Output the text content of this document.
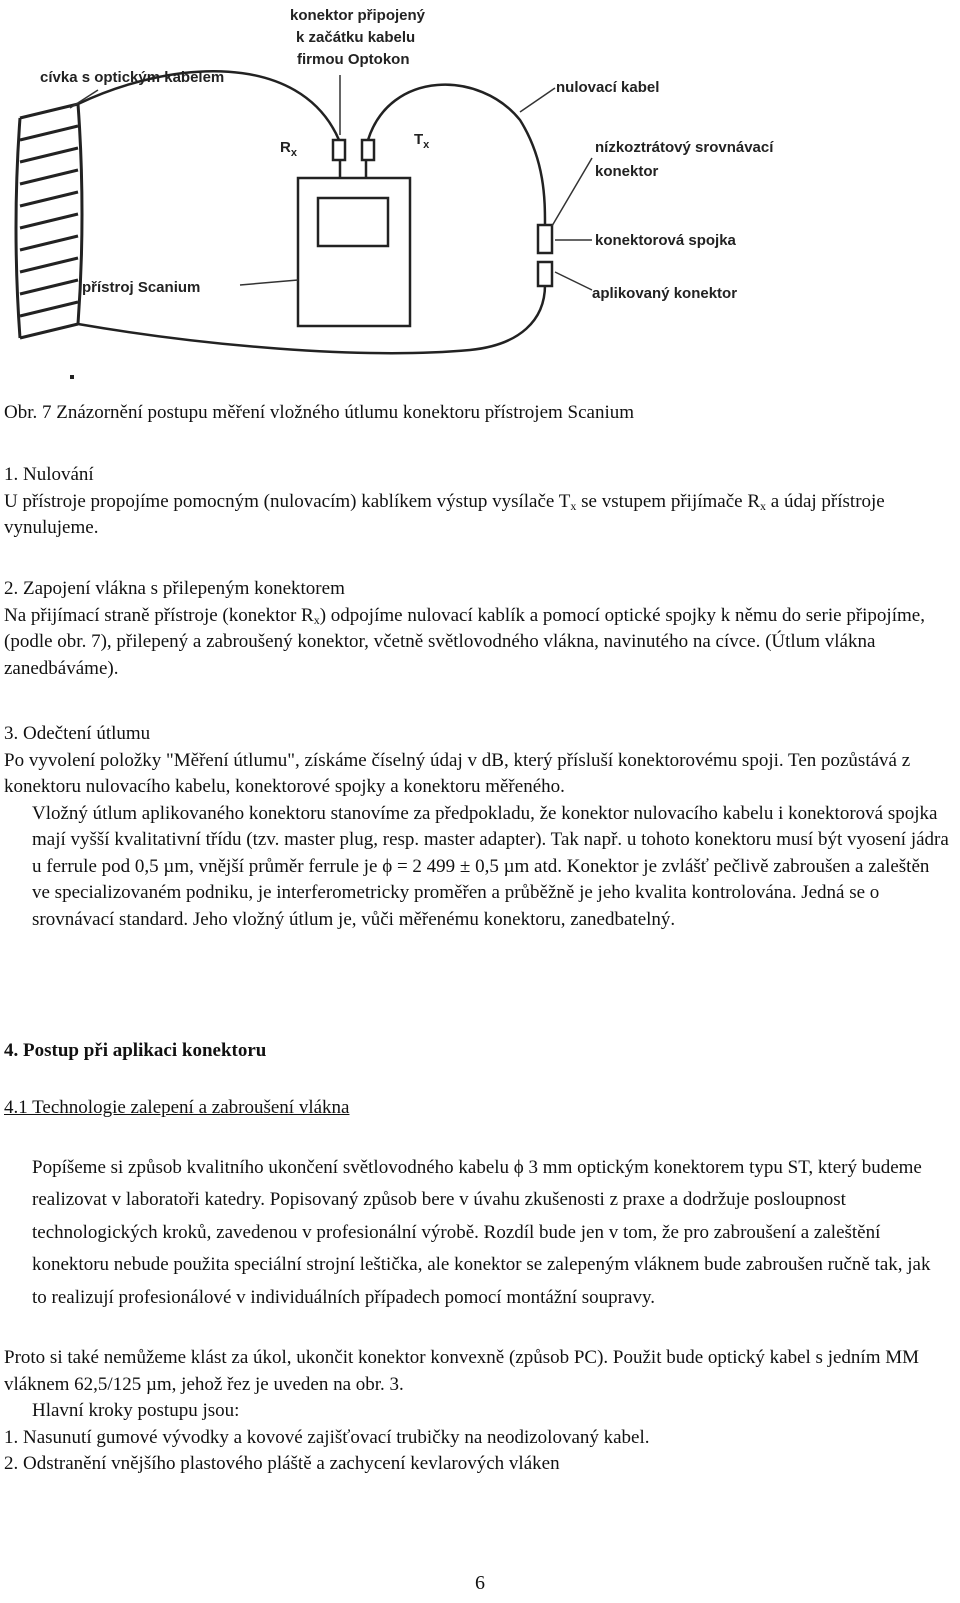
konektor připojený
k začátku kabelu
firmou Optokon
cívka s optickým kabelem
nulovací kabel
nízkoztrátový srovnávací
konektor
konektorová spojka
aplikovaný konektor
přístroj Scanium
$R_x$
$T_x$
Obr. 7 Znázornění postupu měření vložného útlumu konektoru přístrojem Scanium

1. Nulování

U přístroje propojíme pomocným (nulovacím) kablíkem výstup vysílače $T_x$ se vstupem přijímače $R_x$ a údaj přístroje vynulujeme.

2. Zapojení vlákna s přilepeným konektorem

Na přijímací straně přístroje (konektor $R_x$) odpojíme nulovací kablík a pomocí optické spojky k němu do serie připojíme, (podle obr. 7), přilepený a zabroušený konektor, včetně světlovodného vlákna, navinutého na cívce. (Útlum vlákna zanedbáváme).

3. Odečtení útlumu

Po vyvolení položky "Měření útlumu", získáme číselný údaj v dB, který přísluší konektorovému spoji. Ten pozůstává z konektoru nulovacího kabelu, konektorové spojky a konektoru měřeného.

Vložný útlum aplikovaného konektoru stanovíme za předpokladu, že konektor nulovacího kabelu i konektorová spojka mají vyšší kvalitativní třídu (tzv. master plug, resp. master adapter). Tak např. u tohoto konektoru musí být vyosení jádra u ferrule pod 0,5 µm, vnější průměr ferrule je ϕ = 2 499 ± 0,5 µm atd. Konektor je zvlášť pečlivě zabroušen a zaleštěn ve specializovaném podniku, je interferometricky proměřen a průběžně je jeho kvalita kontrolována. Jedná se o srovnávací standard. Jeho vložný útlum je, vůči měřenému konektoru, zanedbatelný.

4. Postup při aplikaci konektoru
4.1 Technologie zalepení a zabroušení vlákna

Popíšeme si způsob kvalitního ukončení světlovodného kabelu ϕ 3 mm optickým konektorem typu ST, který budeme realizovat v laboratoři katedry. Popisovaný způsob bere v úvahu zkušenosti z praxe a dodržuje posloupnost technologických kroků, zavedenou v profesionální výrobě. Rozdíl bude jen v tom, že pro zabroušení a zaleštění konektoru nebude použita speciální strojní leštička, ale konektor se zalepeným vláknem bude zabroušen ručně tak, jak to realizují profesionálové v individuálních případech pomocí montážní soupravy.

Proto si také nemůžeme klást za úkol, ukončit konektor konvexně (způsob PC). Použit bude optický kabel s jedním MM vláknem 62,5/125 µm, jehož řez je uveden na obr. 3.

Hlavní kroky postupu jsou:

1. Nasunutí gumové vývodky a kovové zajišťovací trubičky na neodizolovaný kabel.

2. Odstranění vnějšího plastového pláště a zachycení kevlarových vláken

6
